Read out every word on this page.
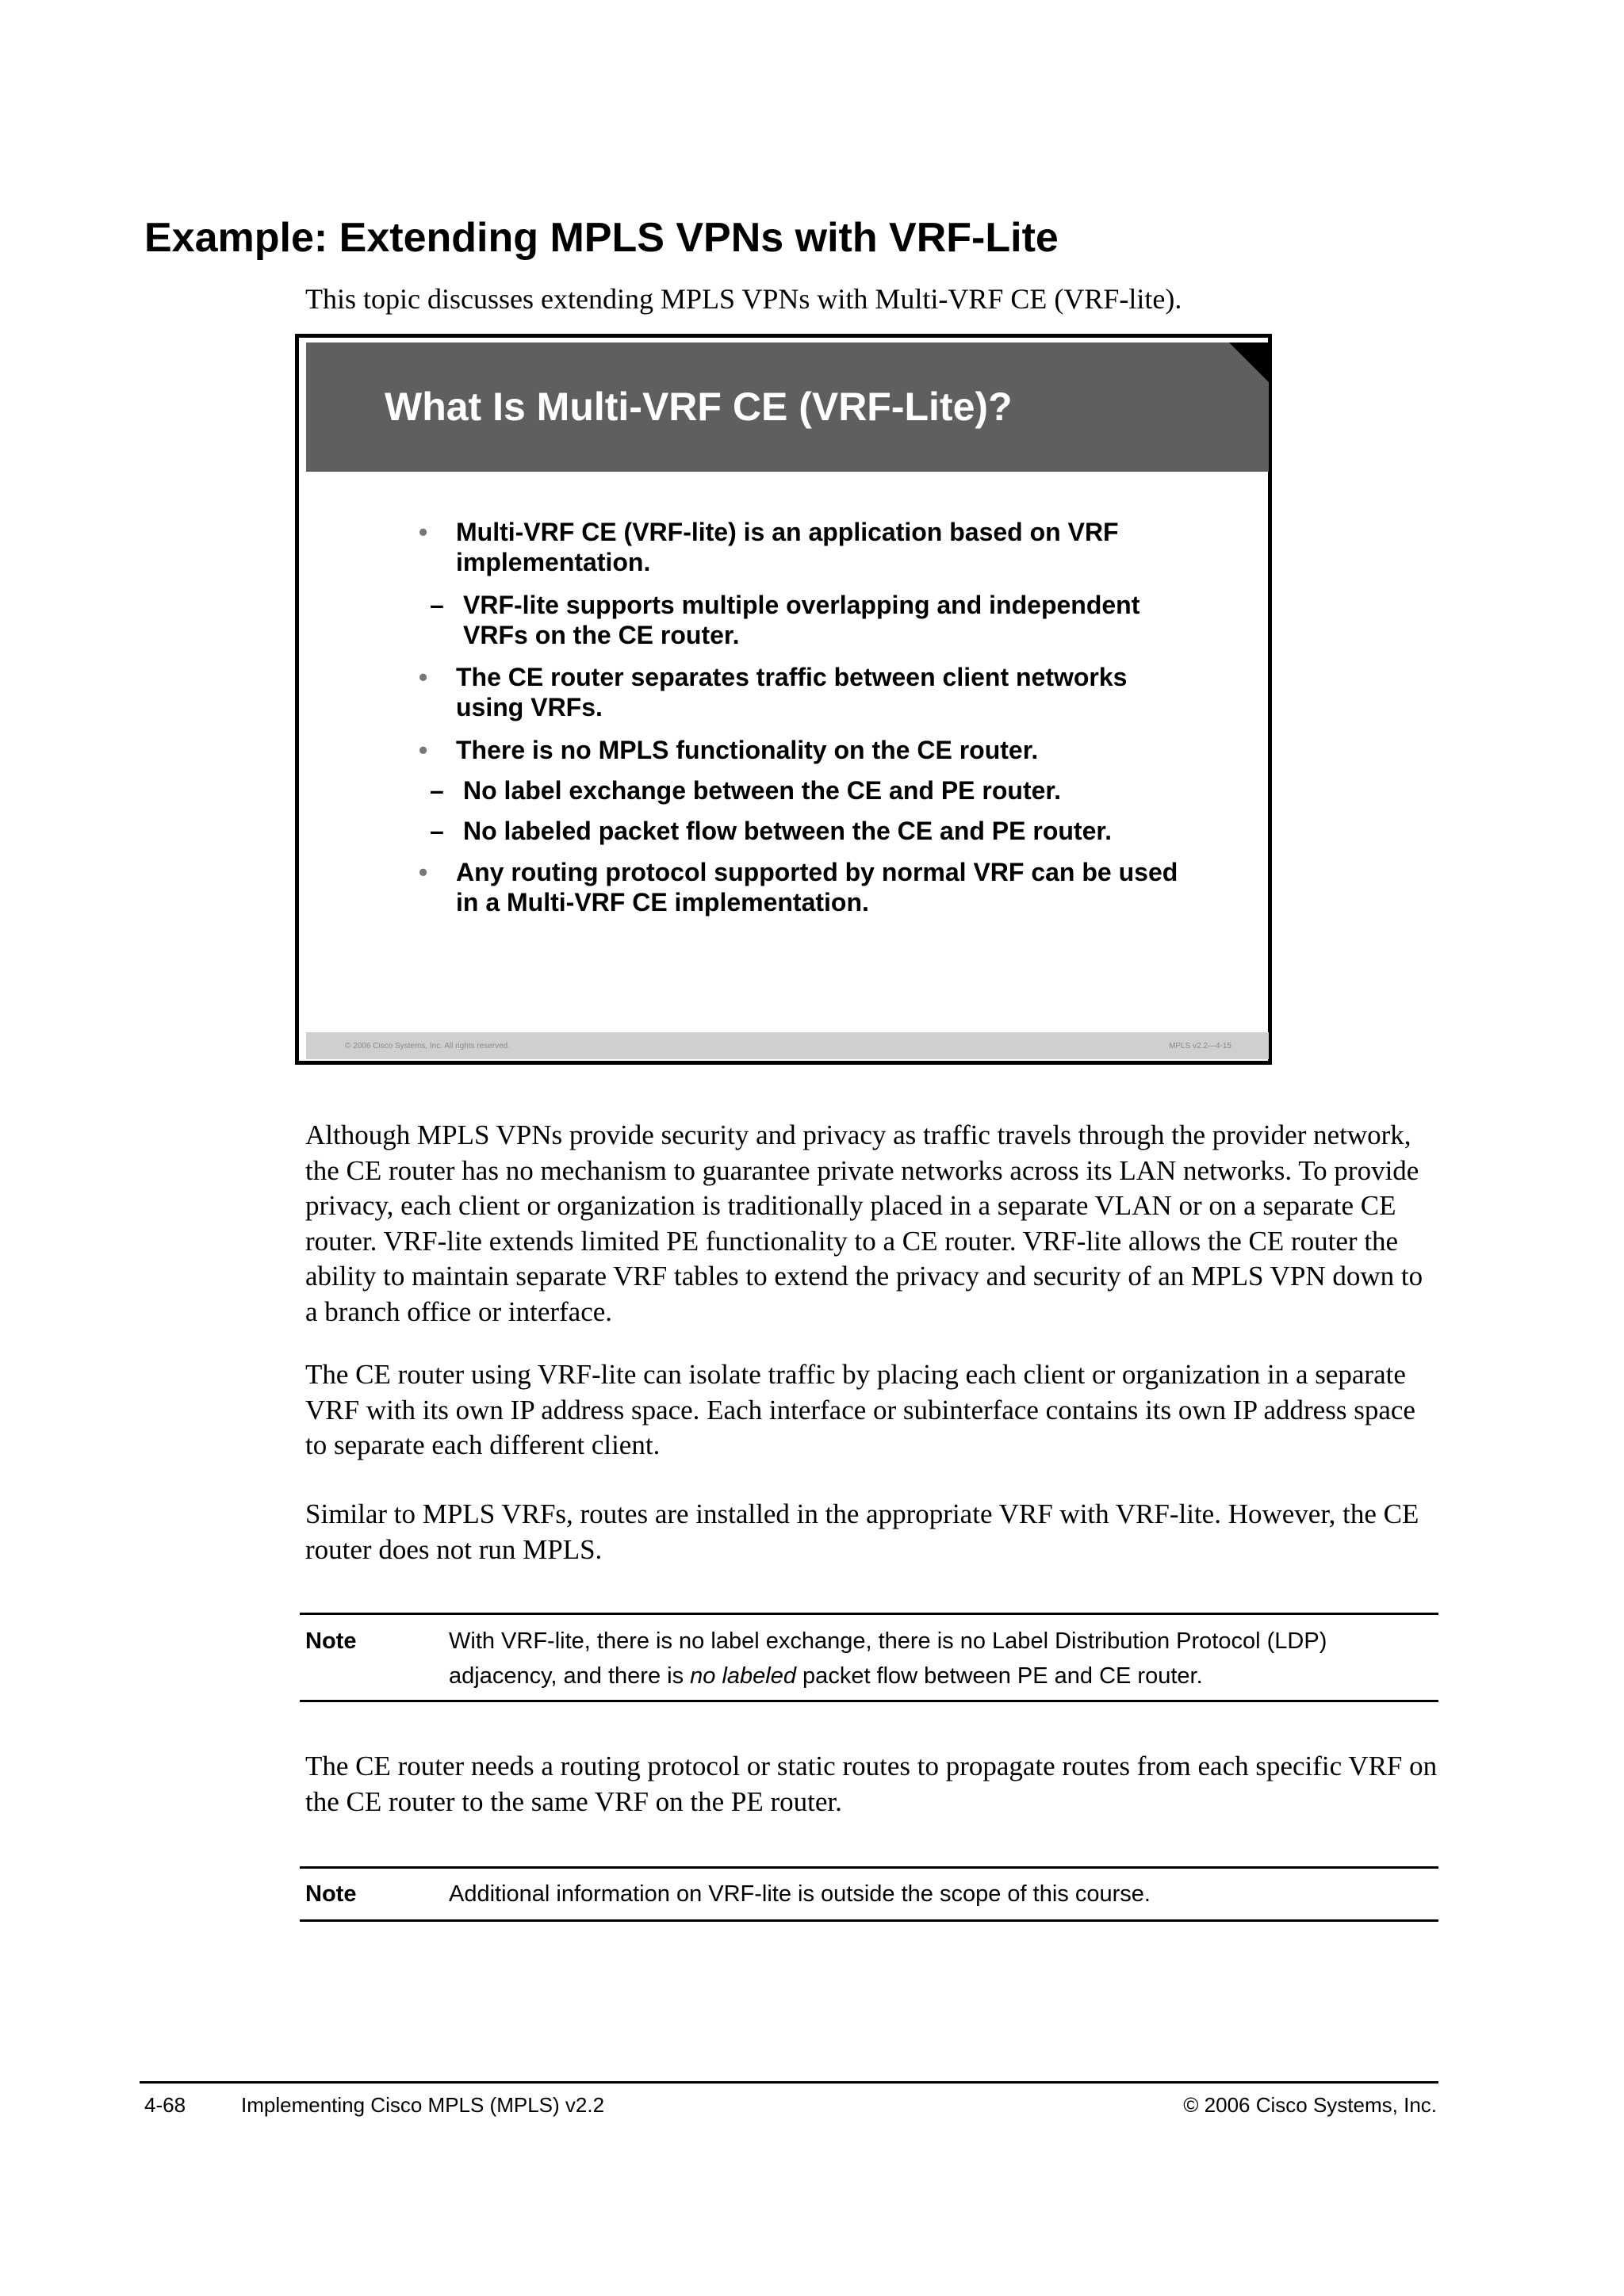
Example: Extending MPLS VPNs with VRF-Lite

This topic discusses extending MPLS VPNs with Multi-VRF CE (VRF-lite).

What Is Multi-VRF CE (VRF-Lite)?
• Multi-VRF CE (VRF-lite) is an application based on VRF implementation.
– VRF-lite supports multiple overlapping and independent VRFs on the CE router.
• The CE router separates traffic between client networks using VRFs.
• There is no MPLS functionality on the CE router.
– No label exchange between the CE and PE router.
– No labeled packet flow between the CE and PE router.
• Any routing protocol supported by normal VRF can be used in a Multi-VRF CE implementation.
© 2006 Cisco Systems, Inc. All rights reserved.	MPLS v2.2—4-15

Although MPLS VPNs provide security and privacy as traffic travels through the provider network, the CE router has no mechanism to guarantee private networks across its LAN networks. To provide privacy, each client or organization is traditionally placed in a separate VLAN or on a separate CE router. VRF-lite extends limited PE functionality to a CE router. VRF-lite allows the CE router the ability to maintain separate VRF tables to extend the privacy and security of an MPLS VPN down to a branch office or interface.

The CE router using VRF-lite can isolate traffic by placing each client or organization in a separate VRF with its own IP address space. Each interface or subinterface contains its own IP address space to separate each different client.

Similar to MPLS VRFs, routes are installed in the appropriate VRF with VRF-lite. However, the CE router does not run MPLS.

Note	With VRF-lite, there is no label exchange, there is no Label Distribution Protocol (LDP) adjacency, and there is no labeled packet flow between PE and CE router.

The CE router needs a routing protocol or static routes to propagate routes from each specific VRF on the CE router to the same VRF on the PE router.

Note	Additional information on VRF-lite is outside the scope of this course.
4-68	Implementing Cisco MPLS (MPLS) v2.2	© 2006 Cisco Systems, Inc.
